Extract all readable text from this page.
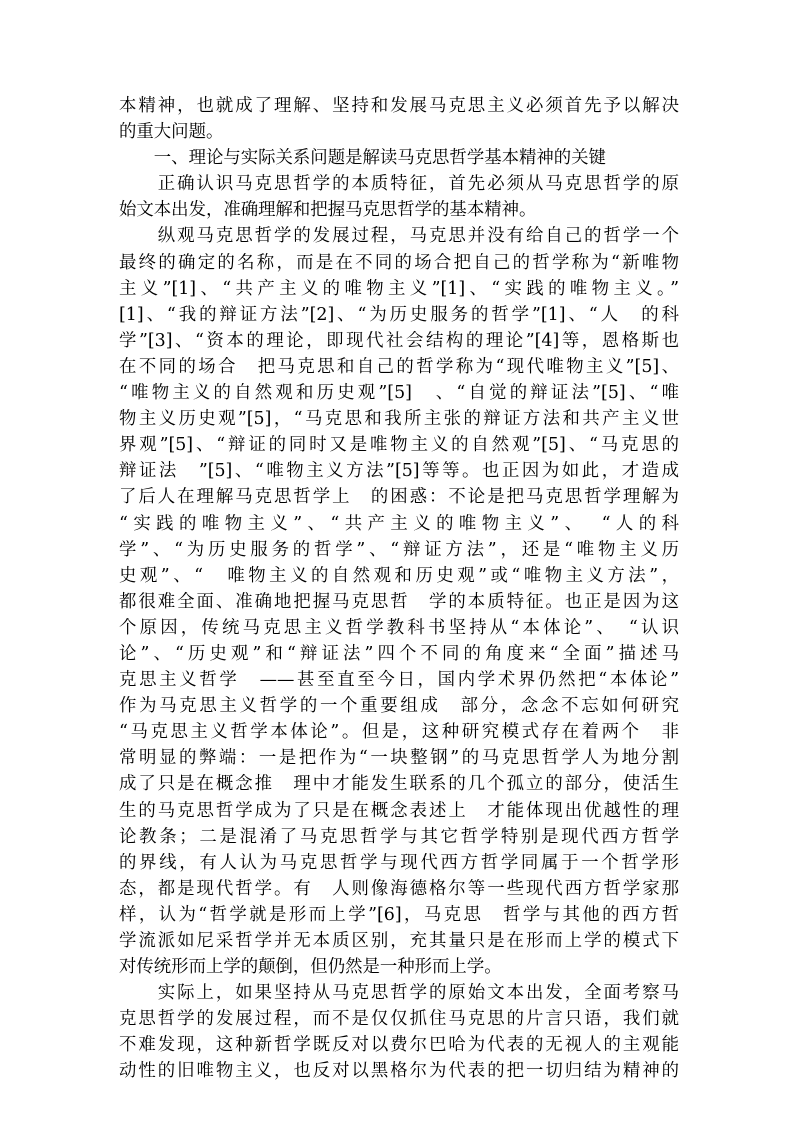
本精神，也就成了理解、坚持和发展马克思主义必须首先予以解决
的重大问题。
　　一、理论与实际关系问题是解读马克思哲学基本精神的关键
　　正确认识马克思哲学的本质特征，首先必须从马克思哲学的原
始文本出发，准确理解和把握马克思哲学的基本精神。
　　纵观马克思哲学的发展过程，马克思并没有给自己的哲学一个
最终的确定的名称，而是在不同的场合把自己的哲学称为“新唯物
主义”[1]、“共产主义的唯物主义”[1]、“实践的唯物主义。”
[1]、“我的辩证方法”[2]、“为历史服务的哲学”[1]、“人　的科
学”[3]、“资本的理论，即现代社会结构的理论”[4]等，恩格斯也
在不同的场合　把马克思和自己的哲学称为“现代唯物主义”[5]、
“唯物主义的自然观和历史观”[5]　、“自觉的辩证法”[5]、“唯
物主义历史观”[5]，“马克思和我所主张的辩证方法和共产主义世
界观”[5]、“辩证的同时又是唯物主义的自然观”[5]、“马克思的
辩证法　”[5]、“唯物主义方法”[5]等等。也正因为如此，才造成
了后人在理解马克思哲学上　的困惑：不论是把马克思哲学理解为
“实践的唯物主义”、“共产主义的唯物主义”、　“人的科
学”、“为历史服务的哲学”、“辩证方法”，还是“唯物主义历
史观”、“　唯物主义的自然观和历史观”或“唯物主义方法”，
都很难全面、准确地把握马克思哲　学的本质特征。也正是因为这
个原因，传统马克思主义哲学教科书坚持从“本体论”、　“认识
论”、“历史观”和“辩证法”四个不同的角度来“全面”描述马
克思主义哲学　——甚至直至今日，国内学术界仍然把“本体论”
作为马克思主义哲学的一个重要组成　部分，念念不忘如何研究
“马克思主义哲学本体论”。但是，这种研究模式存在着两个　非
常明显的弊端：一是把作为“一块整钢”的马克思哲学人为地分割
成了只是在概念推　理中才能发生联系的几个孤立的部分，使活生
生的马克思哲学成为了只是在概念表述上　才能体现出优越性的理
论教条；二是混淆了马克思哲学与其它哲学特别是现代西方哲学
的界线，有人认为马克思哲学与现代西方哲学同属于一个哲学形
态，都是现代哲学。有　人则像海德格尔等一些现代西方哲学家那
样，认为“哲学就是形而上学”[6]，马克思　哲学与其他的西方哲
学流派如尼采哲学并无本质区别，充其量只是在形而上学的模式下
对传统形而上学的颠倒，但仍然是一种形而上学。
　　实际上，如果坚持从马克思哲学的原始文本出发，全面考察马
克思哲学的发展过程，而不是仅仅抓住马克思的片言只语，我们就
不难发现，这种新哲学既反对以费尔巴哈为代表的无视人的主观能
动性的旧唯物主义，也反对以黑格尔为代表的把一切归结为精神的
